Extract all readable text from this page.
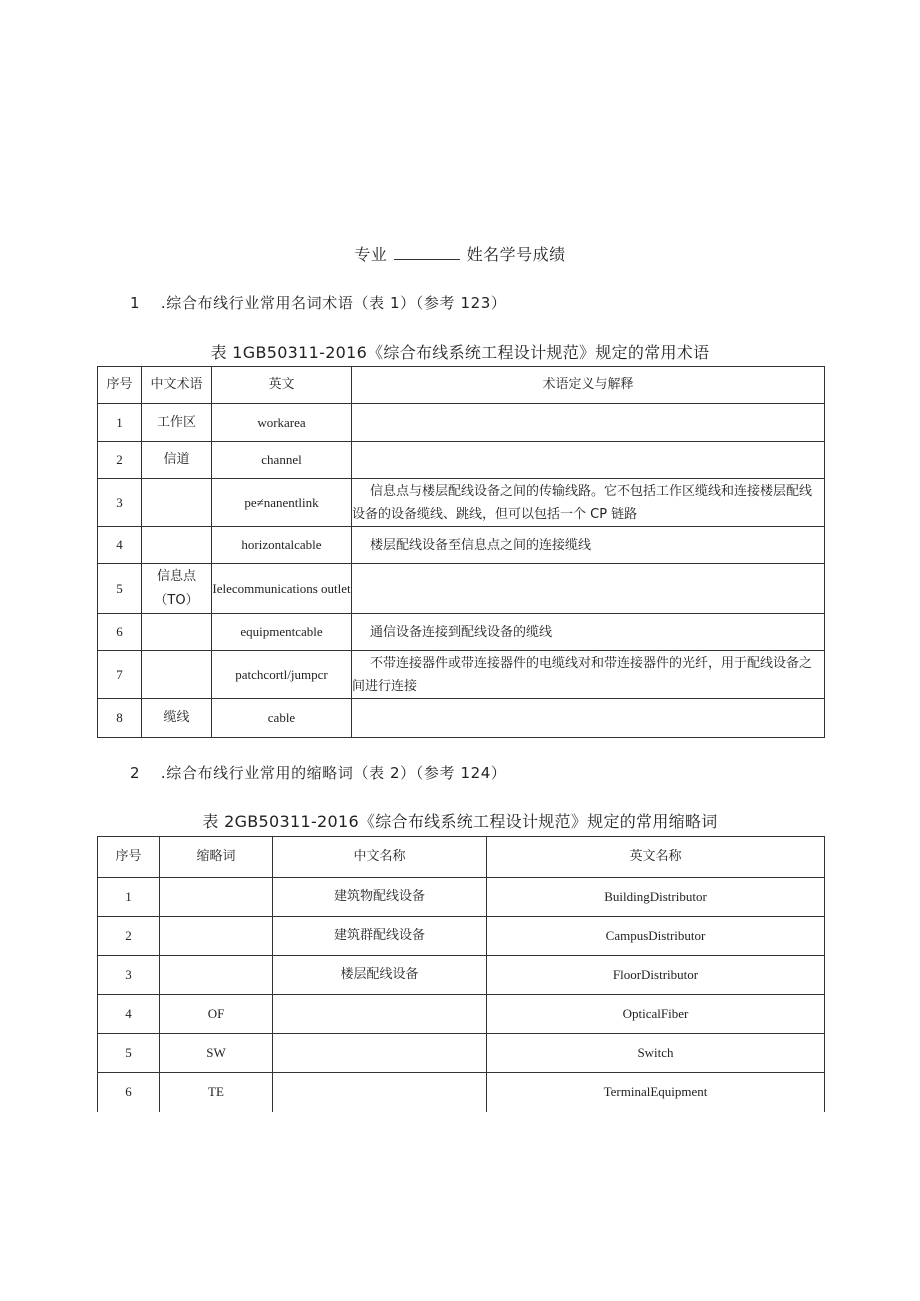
专业	姓名学号成绩
1 .综合布线行业常用名词术语（表 1）（参考 123）
表 1GB50311-2016《综合布线系统工程设计规范》规定的常用术语
序号	中文术语	英文	术语定义与解释
1	工作区	workarea	
2	信道	channel	
3		pe≠nanentlink	信息点与楼层配线设备之间的传输线路。它不包括工作区缆线和连接楼层配线设备的设备缆线、跳线，但可以包括一个 CP 链路
4		horizontalcable	楼层配线设备至信息点之间的连接缆线
5	信息点（TO）	Ielecommunications outlet	
6		equipmentcable	通信设备连接到配线设备的缆线
7		patchcortl/jumpcr	不带连接器件或带连接器件的电缆线对和带连接器件的光纤，用于配线设备之间进行连接
8	缆线	cable	
2 .综合布线行业常用的缩略词（表 2）（参考 124）
表 2GB50311-2016《综合布线系统工程设计规范》规定的常用缩略词
序号	缩略词	中文名称	英文名称
1		建筑物配线设备	BuildingDistributor
2		建筑群配线设备	CampusDistributor
3		楼层配线设备	FloorDistributor
4	OF		OpticalFiber
5	SW		Switch
6	TE		TerminalEquipment
